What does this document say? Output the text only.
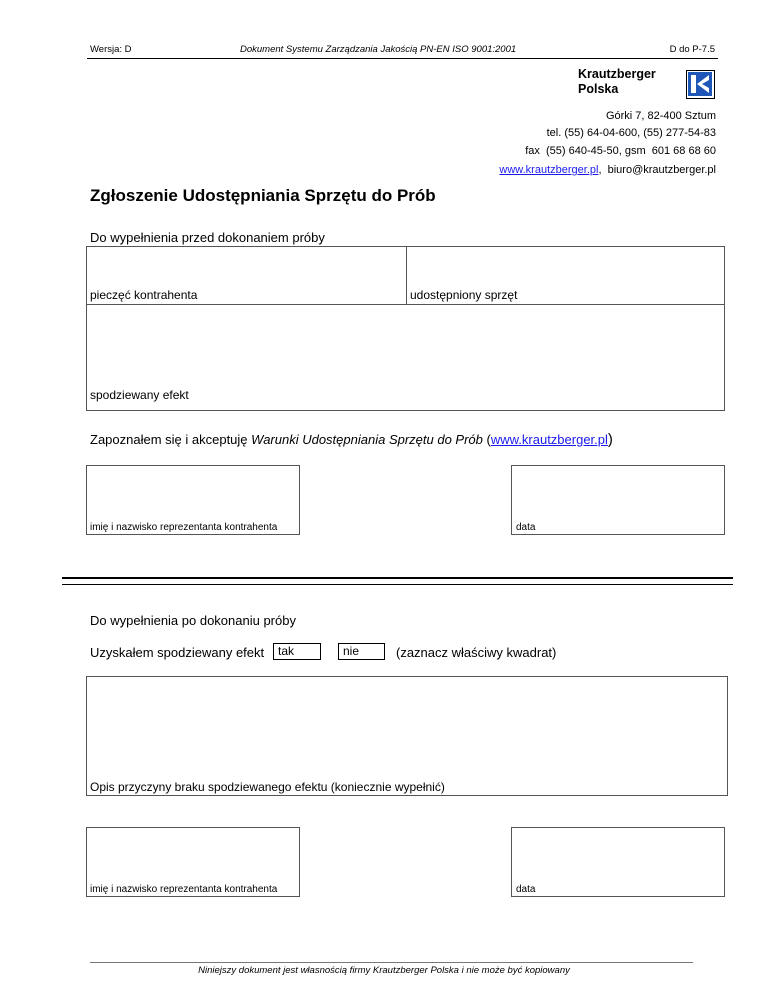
Wersja: D	Dokument Systemu Zarządzania Jakością PN-EN ISO 9001:2001	D do P-7.5
Krautzberger
Polska
Górki 7, 82-400 Sztum
tel. (55) 64-04-600, (55) 277-54-83
fax  (55) 640-45-50, gsm  601 68 68 60
www.krautzberger.pl,  biuro@krautzberger.pl
Zgłoszenie Udostępniania Sprzętu do Prób
Do wypełnienia przed dokonaniem próby
pieczęć kontrahenta	udostępniony sprzęt
spodziewany efekt
Zapoznałem się i akceptuję Warunki Udostępniania Sprzętu do Prób (www.krautzberger.pl)
imię i nazwisko reprezentanta kontrahenta	data
Do wypełnienia po dokonaniu próby
Uzyskałem spodziewany efekt	tak	nie	(zaznacz właściwy kwadrat)
Opis przyczyny braku spodziewanego efektu (koniecznie wypełnić)
imię i nazwisko reprezentanta kontrahenta	data
Niniejszy dokument jest własnością firmy Krautzberger Polska i nie może być kopiowany
